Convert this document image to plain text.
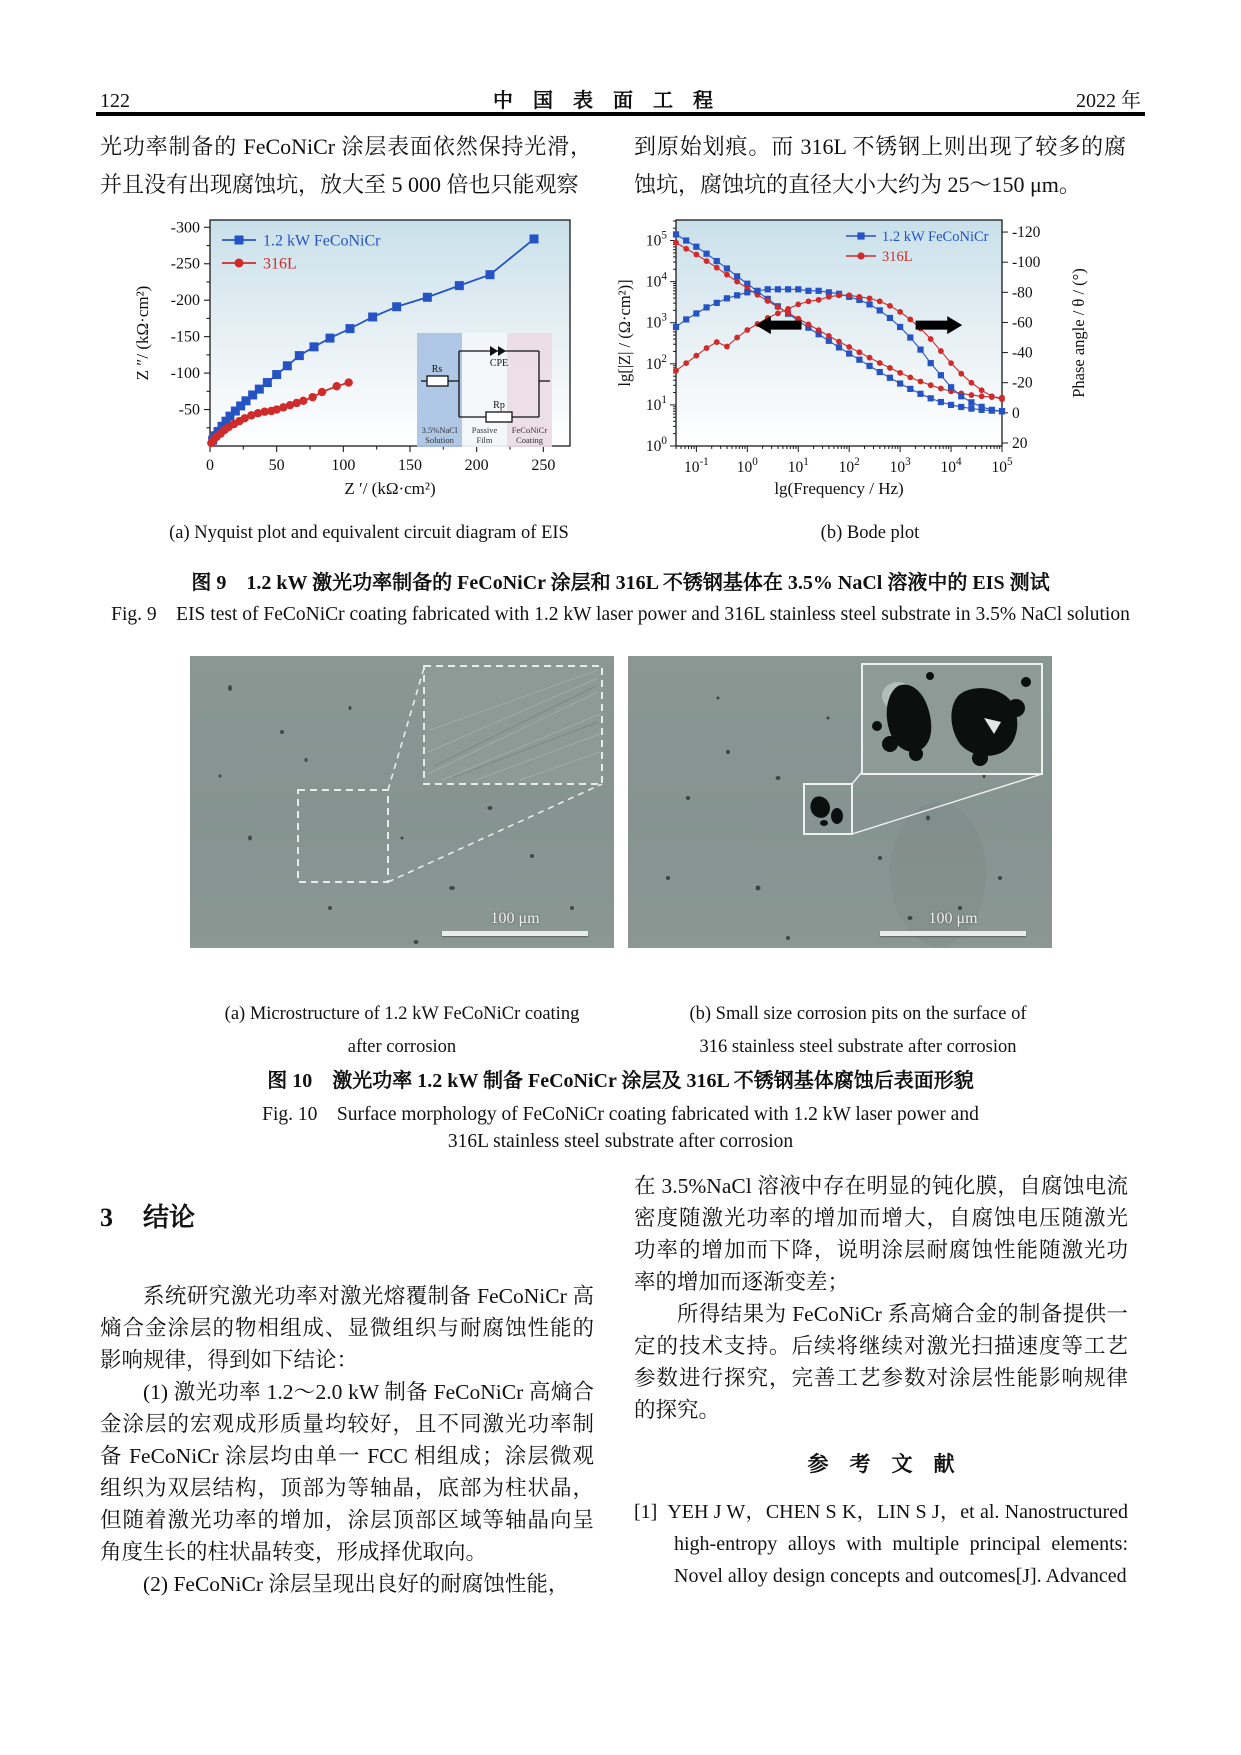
122	中　国　表　面　工　程	2022 年
光功率制备的 FeCoNiCr 涂层表面依然保持光滑，并且没有出现腐蚀坑，放大至 5 000 倍也只能观察
到原始划痕。而 316L 不锈钢上则出现了较多的腐蚀坑，腐蚀坑的直径大小大约为 25～150 μm。
0	50	100	150	200	250
-50
-100
-150
-200
-250
-300
1.2 kW FeCoNiCr
316L
Rs
CPE
Rp
3.5%NaCl
Solution
Passive
Film
FeCoNiCr
Coating
Z ″/ (kΩ·cm²)
Z ′/ (kΩ·cm²)
(a) Nyquist plot and equivalent circuit diagram of EIS
$10^{-1}$ $10^0$ $10^1$ $10^2$ $10^3$ $10^4$ $10^5$
$10^0$
$10^1$
$10^2$
$10^3$
$10^4$
$10^5$	-120
-100
-80
-60
-40
-20
0
20
1.2 kW FeCoNiCr
316L
lg[|Z| / (Ω·cm²)]	Phase angle / θ / (°)
lg(Frequency / Hz)
(b) Bode plot
图 9　1.2 kW 激光功率制备的 FeCoNiCr 涂层和 316L 不锈钢基体在 3.5% NaCl 溶液中的 EIS 测试
Fig. 9　EIS test of FeCoNiCr coating fabricated with 1.2 kW laser power and 316L stainless steel substrate in 3.5% NaCl solution
100 μm	100 μm
(a) Microstructure of 1.2 kW FeCoNiCr coating
after corrosion
(b) Small size corrosion pits on the surface of
316 stainless steel substrate after corrosion
图 10　激光功率 1.2 kW 制备 FeCoNiCr 涂层及 316L 不锈钢基体腐蚀后表面形貌
Fig. 10　Surface morphology of FeCoNiCr coating fabricated with 1.2 kW laser power and
316L stainless steel substrate after corrosion
3 结论

系统研究激光功率对激光熔覆制备 FeCoNiCr 高熵合金涂层的物相组成、显微组织与耐腐蚀性能的影响规律，得到如下结论：

(1) 激光功率 1.2～2.0 kW 制备 FeCoNiCr 高熵合金涂层的宏观成形质量均较好，且不同激光功率制备 FeCoNiCr 涂层均由单一 FCC 相组成；涂层微观组织为双层结构，顶部为等轴晶，底部为柱状晶，但随着激光功率的增加，涂层顶部区域等轴晶向呈角度生长的柱状晶转变，形成择优取向。

(2) FeCoNiCr 涂层呈现出良好的耐腐蚀性能，

在 3.5%NaCl 溶液中存在明显的钝化膜，自腐蚀电流密度随激光功率的增加而增大，自腐蚀电压随激光功率的增加而下降，说明涂层耐腐蚀性能随激光功率的增加而逐渐变差；

所得结果为 FeCoNiCr 系高熵合金的制备提供一定的技术支持。后续将继续对激光扫描速度等工艺参数进行探究，完善工艺参数对涂层性能影响规律的探究。

参　考　文　献
[1] YEH J W，CHEN S K，LIN S J，et al. Nanostructured high-entropy alloys with multiple principal elements: Novel alloy design concepts and outcomes[J]. Advanced
